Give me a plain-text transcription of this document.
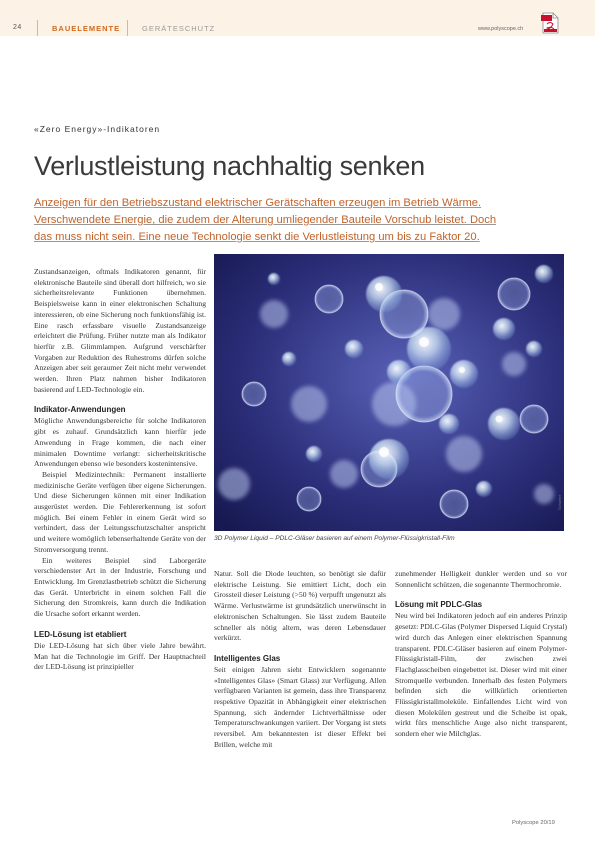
24	BAUELEMENTE	GERÄTESCHUTZ	www.polyscope.ch
«Zero Energy»-Indikatoren
Verlustleistung nachhaltig senken
Anzeigen für den Betriebszustand elektrischer Gerätschaften erzeugen im Betrieb Wärme. Verschwendete Energie, die zudem der Alterung umliegender Bauteile Vorschub leistet. Doch das muss nicht sein. Eine neue Technologie senkt die Verlustleistung um bis zu Faktor 20.

Zustandsanzeigen, oftmals Indikatoren genannt, für elektronische Bauteile sind überall dort hilfreich, wo sie sicherheitsrelevante Funktionen übernehmen. Beispielsweise kann in einer elektronischen Schaltung interessieren, ob eine Sicherung noch funktionsfähig ist. Eine rasch erfassbare visuelle Zustandsanzeige erleichtert die Prüfung. Früher nutzte man als Indikator hierfür z.B. Glimmlampen. Aufgrund verschärfter Vorgaben zur Reduktion des Ruhestroms dürfen solche Anzeigen aber seit geraumer Zeit nicht mehr verwendet werden. Ihren Platz nahmen bisher Indikatoren basierend auf LED-Technologie ein.

Indikator-Anwendungen

Mögliche Anwendungsbereiche für solche Indikatoren gibt es zuhauf. Grundsätzlich kann hierfür jede Anwendung in Frage kommen, die nach einer minimalen Downtime verlangt: sicherheitskritische Anwendungen ebenso wie besonders kostenintensive.

Beispiel Medizintechnik: Permanent installierte medizinische Geräte verfügen über eigene Sicherungen. Und diese Sicherungen können mit einer Indikation ausgerüstet werden. Die Fehlererkennung ist sofort möglich. Bei einem Fehler in einem Gerät wird so verhindert, dass der Leitungsschutzschalter anspricht und weitere womöglich lebenserhaltende Geräte von der Stromversorgung trennt.

Ein weiteres Beispiel sind Laborgeräte verschiedenster Art in der Industrie, Forschung und Entwicklung. Im Grenzlastbetrieb schützt die Sicherung das Gerät. Unterbricht in einem solchen Fall die Sicherung den Stromkreis, kann durch die Indikation die Ursache sofort erkannt werden.

LED-Lösung ist etabliert

Die LED-Lösung hat sich über viele Jahre bewährt. Man hat die Technologie im Griff. Der Hauptnachteil der LED-Lösung ist prinzipieller

Schurter
3D Polymer Liquid – PDLC-Gläser basieren auf einem Polymer-Flüssigkristall-Film

Natur. Soll die Diode leuchten, so benötigt sie dafür elektrische Leistung. Sie emittiert Licht, doch ein Grossteil dieser Leistung (>50 %) verpufft ungenutzt als Wärme. Verlustwärme ist grundsätzlich unerwünscht in elektronischen Schaltungen. Sie lässt zudem Bauteile schneller als nötig altern, was deren Lebensdauer verkürzt.

Intelligentes Glas

Seit einigen Jahren sieht Entwicklern sogenannte «Intelligentes Glas» (Smart Glass) zur Verfügung. Allen verfügbaren Varianten ist gemein, dass ihre Transparenz respektive Opazität in Abhängigkeit einer elektrischen Spannung, sich ändernder Lichtverhältnisse oder Temperaturschwankungen variiert. Der Vorgang ist stets reversibel. Am bekanntesten ist dieser Effekt bei Brillen, welche mit

zunehmender Helligkeit dunkler werden und so vor Sonnenlicht schützen, die sogenannte Thermochromie.

Lösung mit PDLC-Glas

Neu wird bei Indikatoren jedoch auf ein anderes Prinzip gesetzt: PDLC-Glas (Polymer Dispersed Liquid Crystal) wird durch das Anlegen einer elektrischen Spannung transparent. PDLC-Gläser basieren auf einem Polymer-Flüssigkristall-Film, der zwischen zwei Flachglasscheiben eingebettet ist. Dieser wird mit einer Stromquelle verbunden. Innerhalb des festen Polymers befinden sich die willkürlich orientierten Flüssigkristallmoleküle. Einfallendes Licht wird von diesen Molekülen gestreut und die Scheibe ist opak, wirkt fürs menschliche Auge also nicht transparent, sondern eher wie Milchglas.

Polyscope 20/19
